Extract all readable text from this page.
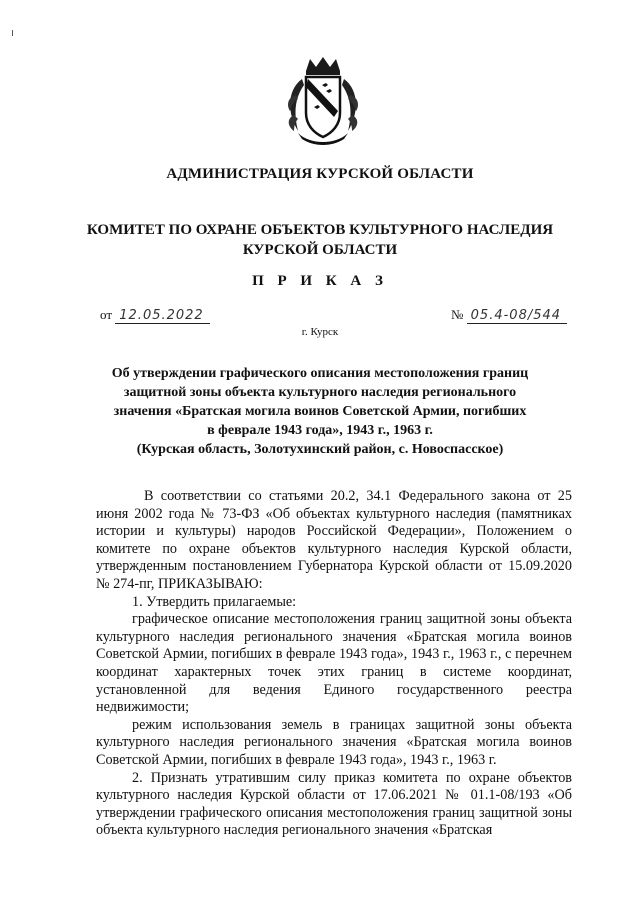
АДМИНИСТРАЦИЯ КУРСКОЙ ОБЛАСТИ
КОМИТЕТ ПО ОХРАНЕ ОБЪЕКТОВ КУЛЬТУРНОГО НАСЛЕДИЯ
КУРСКОЙ ОБЛАСТИ
П Р И К А З
от 12.05.2022	№ 05.4-08/544
г. Курск
Об утверждении графического описания местоположения границ
защитной зоны объекта культурного наследия регионального
значения «Братская могила воинов Советской Армии, погибших
в феврале 1943 года», 1943 г., 1963 г.
(Курская область, Золотухинский район, с. Новоспасское)

В соответствии со статьями 20.2, 34.1 Федерального закона от 25 июня 2002 года № 73-ФЗ «Об объектах культурного наследия (памятниках истории и культуры) народов Российской Федерации», Положением о комитете по охране объектов культурного наследия Курской области, утвержденным постановлением Губернатора Курской области от 15.09.2020 № 274-пг, ПРИКАЗЫВАЮ:

1. Утвердить прилагаемые:

графическое описание местоположения границ защитной зоны объекта культурного наследия регионального значения «Братская могила воинов Советской Армии, погибших в феврале 1943 года», 1943 г., 1963 г., с перечнем координат характерных точек этих границ в системе координат, установленной для ведения Единого государственного реестра недвижимости;

режим использования земель в границах защитной зоны объекта культурного наследия регионального значения «Братская могила воинов Советской Армии, погибших в феврале 1943 года», 1943 г., 1963 г.

2. Признать утратившим силу приказ комитета по охране объектов культурного наследия Курской области от 17.06.2021 № 01.1-08/193 «Об утверждении графического описания местоположения границ защитной зоны объекта культурного наследия регионального значения «Братская
